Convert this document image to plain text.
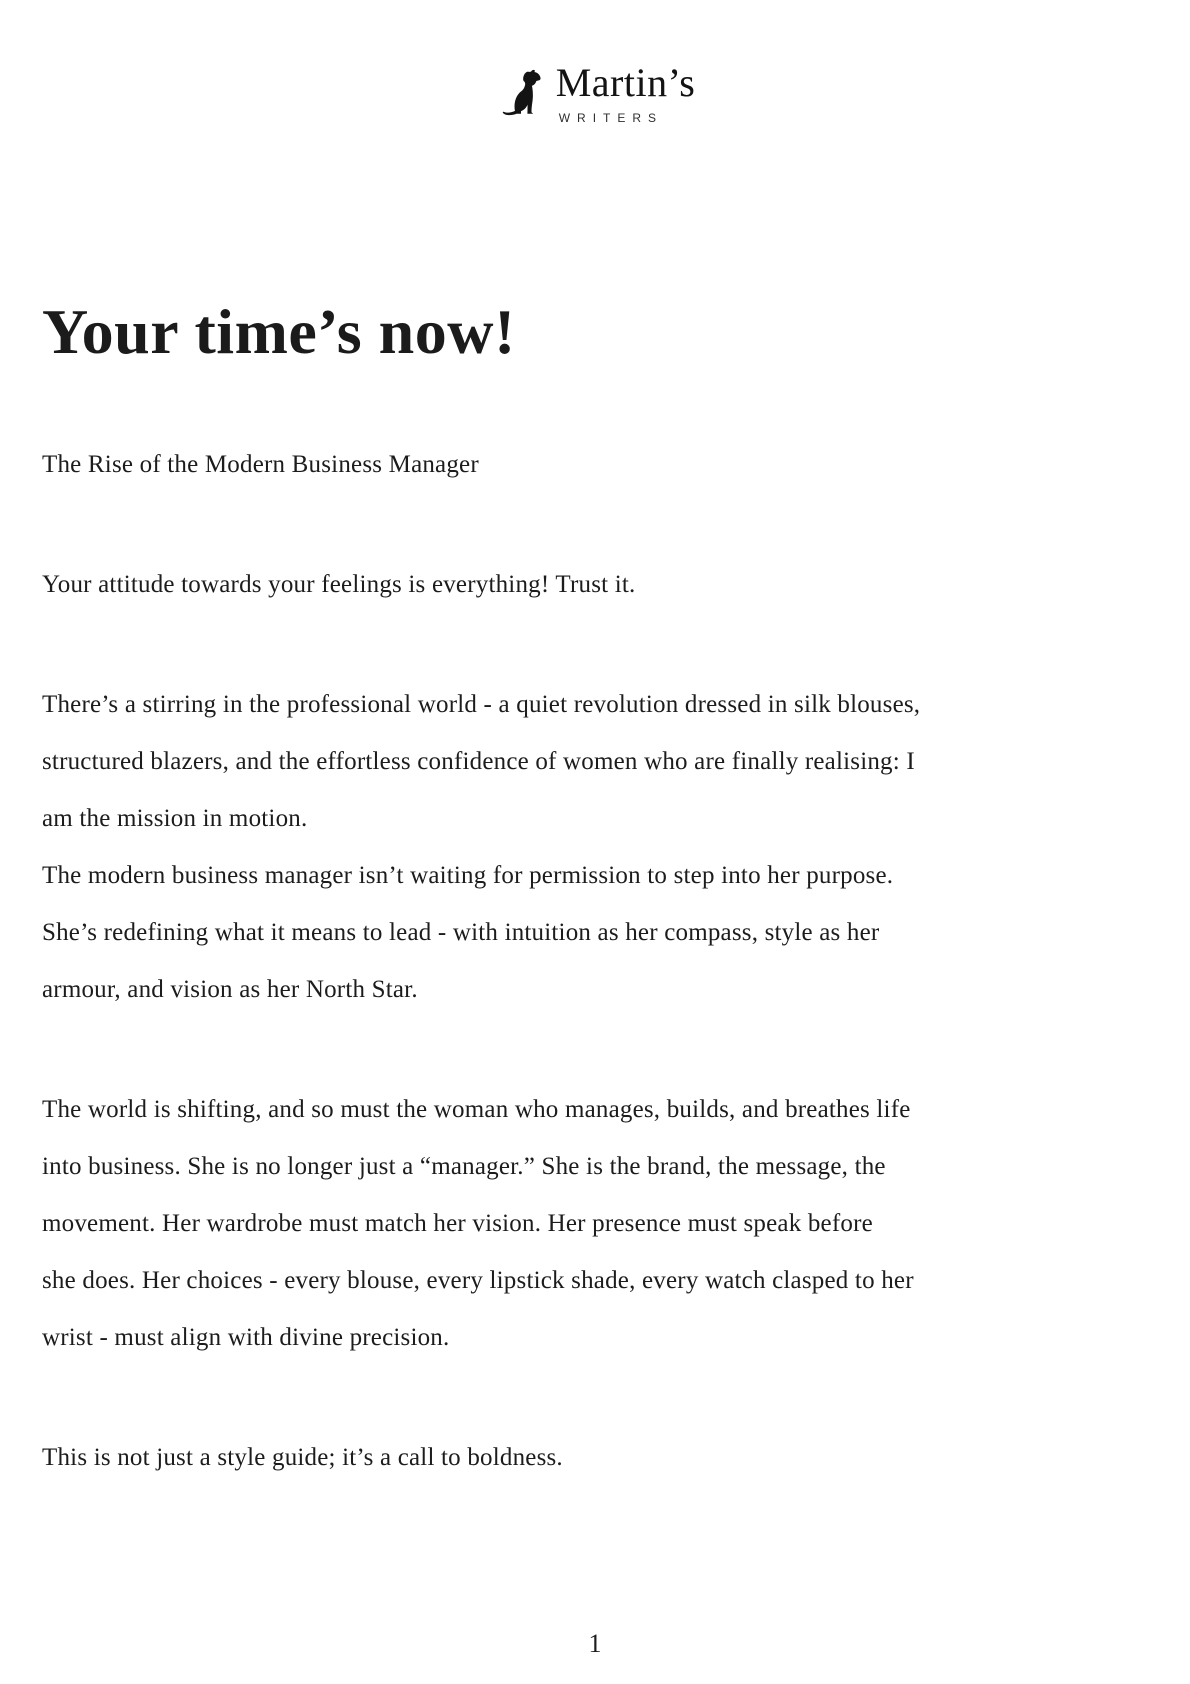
Martin’s
WRITERS
Your time’s now!
The Rise of the Modern Business Manager
Your attitude towards your feelings is everything! Trust it.
There’s a stirring in the professional world - a quiet revolution dressed in silk blouses,
structured blazers, and the effortless confidence of women who are finally realising: I
am the mission in motion.
The modern business manager isn’t waiting for permission to step into her purpose.
She’s redefining what it means to lead - with intuition as her compass, style as her
armour, and vision as her North Star.
The world is shifting, and so must the woman who manages, builds, and breathes life
into business. She is no longer just a “manager.” She is the brand, the message, the
movement. Her wardrobe must match her vision. Her presence must speak before
she does. Her choices - every blouse, every lipstick shade, every watch clasped to her
wrist - must align with divine precision.
This is not just a style guide; it’s a call to boldness.
1
